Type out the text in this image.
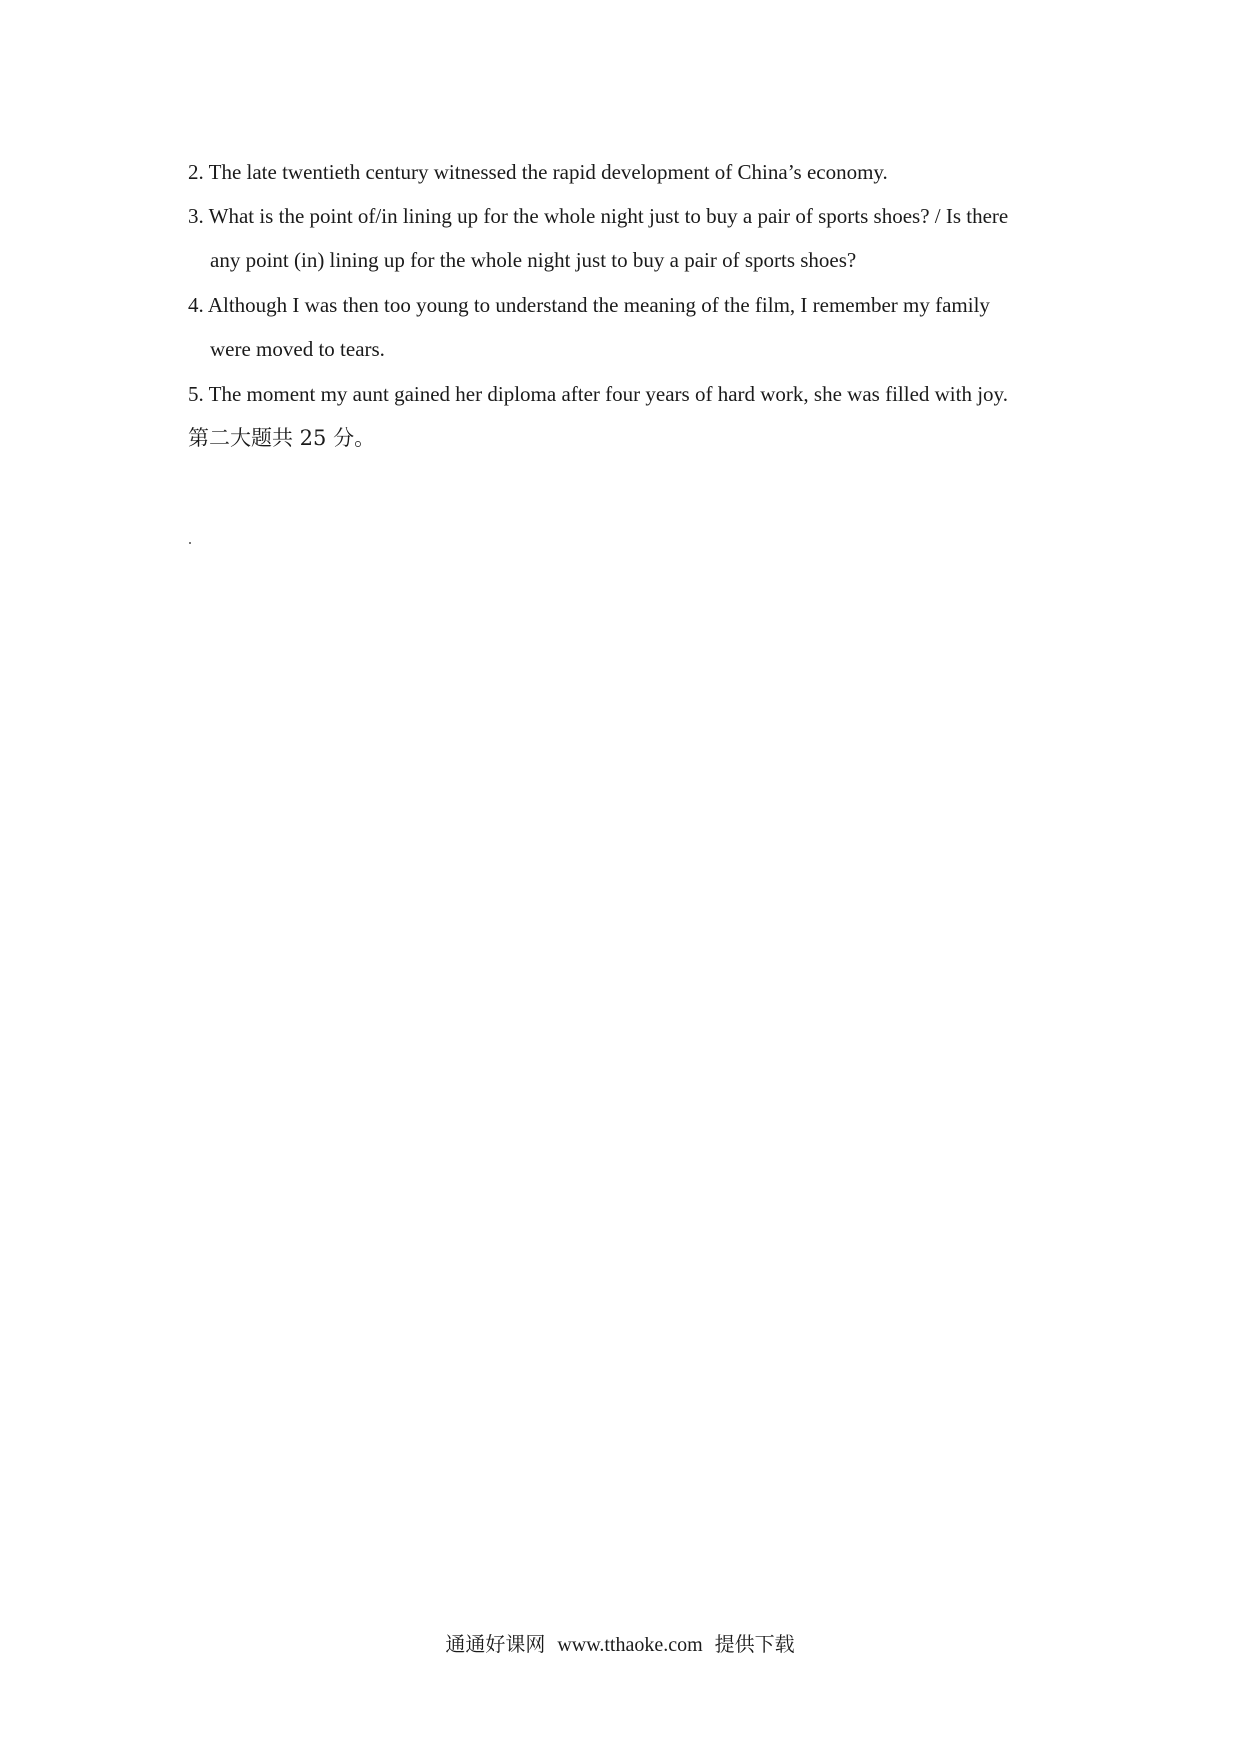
2. The late twentieth century witnessed the rapid development of China’s economy.
3. What is the point of/in lining up for the whole night just to buy a pair of sports shoes? / Is there
any point (in) lining up for the whole night just to buy a pair of sports shoes?
4. Although I was then too young to understand the meaning of the film, I remember my family
were moved to tears.
5. The moment my aunt gained her diploma after four years of hard work, she was filled with joy.
第二大题共 25 分。
通通好课网 www.tthaoke.com 提供下载
